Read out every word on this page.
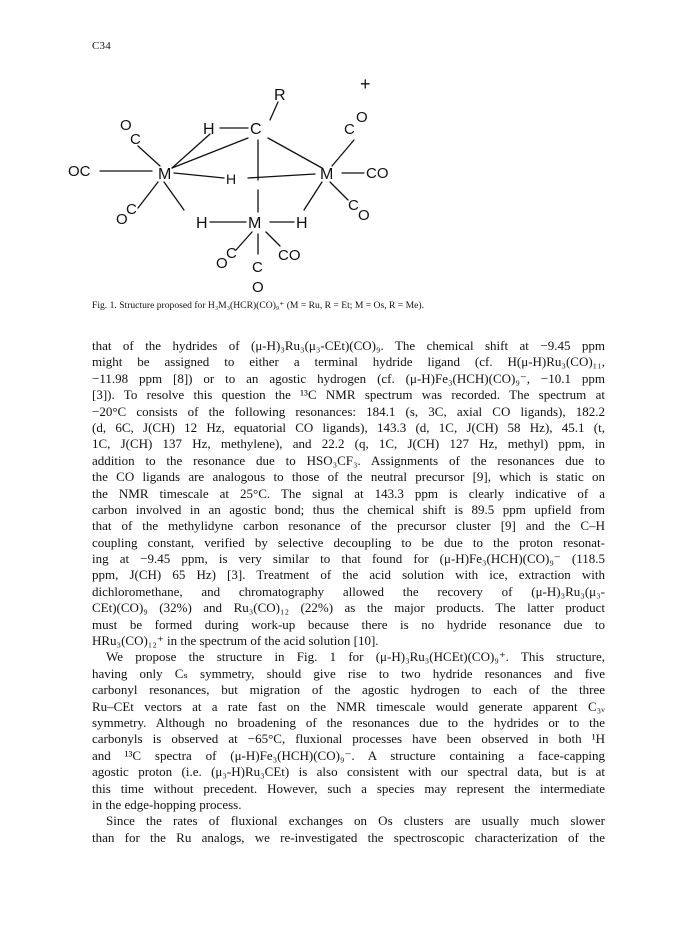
C34
+
R
C
H
M	M
M
H
H	H
OC
O
C
O
C
CO
C
O
C
O
O
C
C
O
CO
Fig. 1. Structure proposed for H₃M₃(HCR)(CO)₉⁺ (M = Ru, R = Et; M = Os, R = Me).
that of the hydrides of (μ-H)₃Ru₃(μ₃-CEt)(CO)₉. The chemical shift at −9.45 ppm
might be assigned to either a terminal hydride ligand (cf. H(μ-H)Ru₃(CO)₁₁,
−11.98 ppm [8]) or to an agostic hydrogen (cf. (μ-H)Fe₃(HCH)(CO)₉⁻, −10.1 ppm
[3]). To resolve this question the ¹³C NMR spectrum was recorded. The spectrum at
−20°C consists of the following resonances: 184.1 (s, 3C, axial CO ligands), 182.2
(d, 6C, J(CH) 12 Hz, equatorial CO ligands), 143.3 (d, 1C, J(CH) 58 Hz), 45.1 (t,
1C, J(CH) 137 Hz, methylene), and 22.2 (q, 1C, J(CH) 127 Hz, methyl) ppm, in
addition to the resonance due to HSO₃CF₃. Assignments of the resonances due to
the CO ligands are analogous to those of the neutral precursor [9], which is static on
the NMR timescale at 25°C. The signal at 143.3 ppm is clearly indicative of a
carbon involved in an agostic bond; thus the chemical shift is 89.5 ppm upfield from
that of the methylidyne carbon resonance of the precursor cluster [9] and the C–H
coupling constant, verified by selective decoupling to be due to the proton resonat-
ing at −9.45 ppm, is very similar to that found for (μ-H)Fe₃(HCH)(CO)₉⁻ (118.5
ppm, J(CH) 65 Hz) [3]. Treatment of the acid solution with ice, extraction with
dichloromethane, and chromatography allowed the recovery of (μ-H)₃Ru₃(μ₃-
CEt)(CO)₉ (32%) and Ru₃(CO)₁₂ (22%) as the major products. The latter product
must be formed during work-up because there is no hydride resonance due to
HRu₃(CO)₁₂⁺ in the spectrum of the acid solution [10].
We propose the structure in Fig. 1 for (μ-H)₃Ru₃(HCEt)(CO)₉⁺. This structure,
having only Cₛ symmetry, should give rise to two hydride resonances and five
carbonyl resonances, but migration of the agostic hydrogen to each of the three
Ru–CEt vectors at a rate fast on the NMR timescale would generate apparent C₃ᵥ
symmetry. Although no broadening of the resonances due to the hydrides or to the
carbonyls is observed at −65°C, fluxional processes have been observed in both ¹H
and ¹³C spectra of (μ-H)Fe₃(HCH)(CO)₉⁻. A structure containing a face-capping
agostic proton (i.e. (μ₃-H)Ru₃CEt) is also consistent with our spectral data, but is at
this time without precedent. However, such a species may represent the intermediate
in the edge-hopping process.
Since the rates of fluxional exchanges on Os clusters are usually much slower
than for the Ru analogs, we re-investigated the spectroscopic characterization of the
